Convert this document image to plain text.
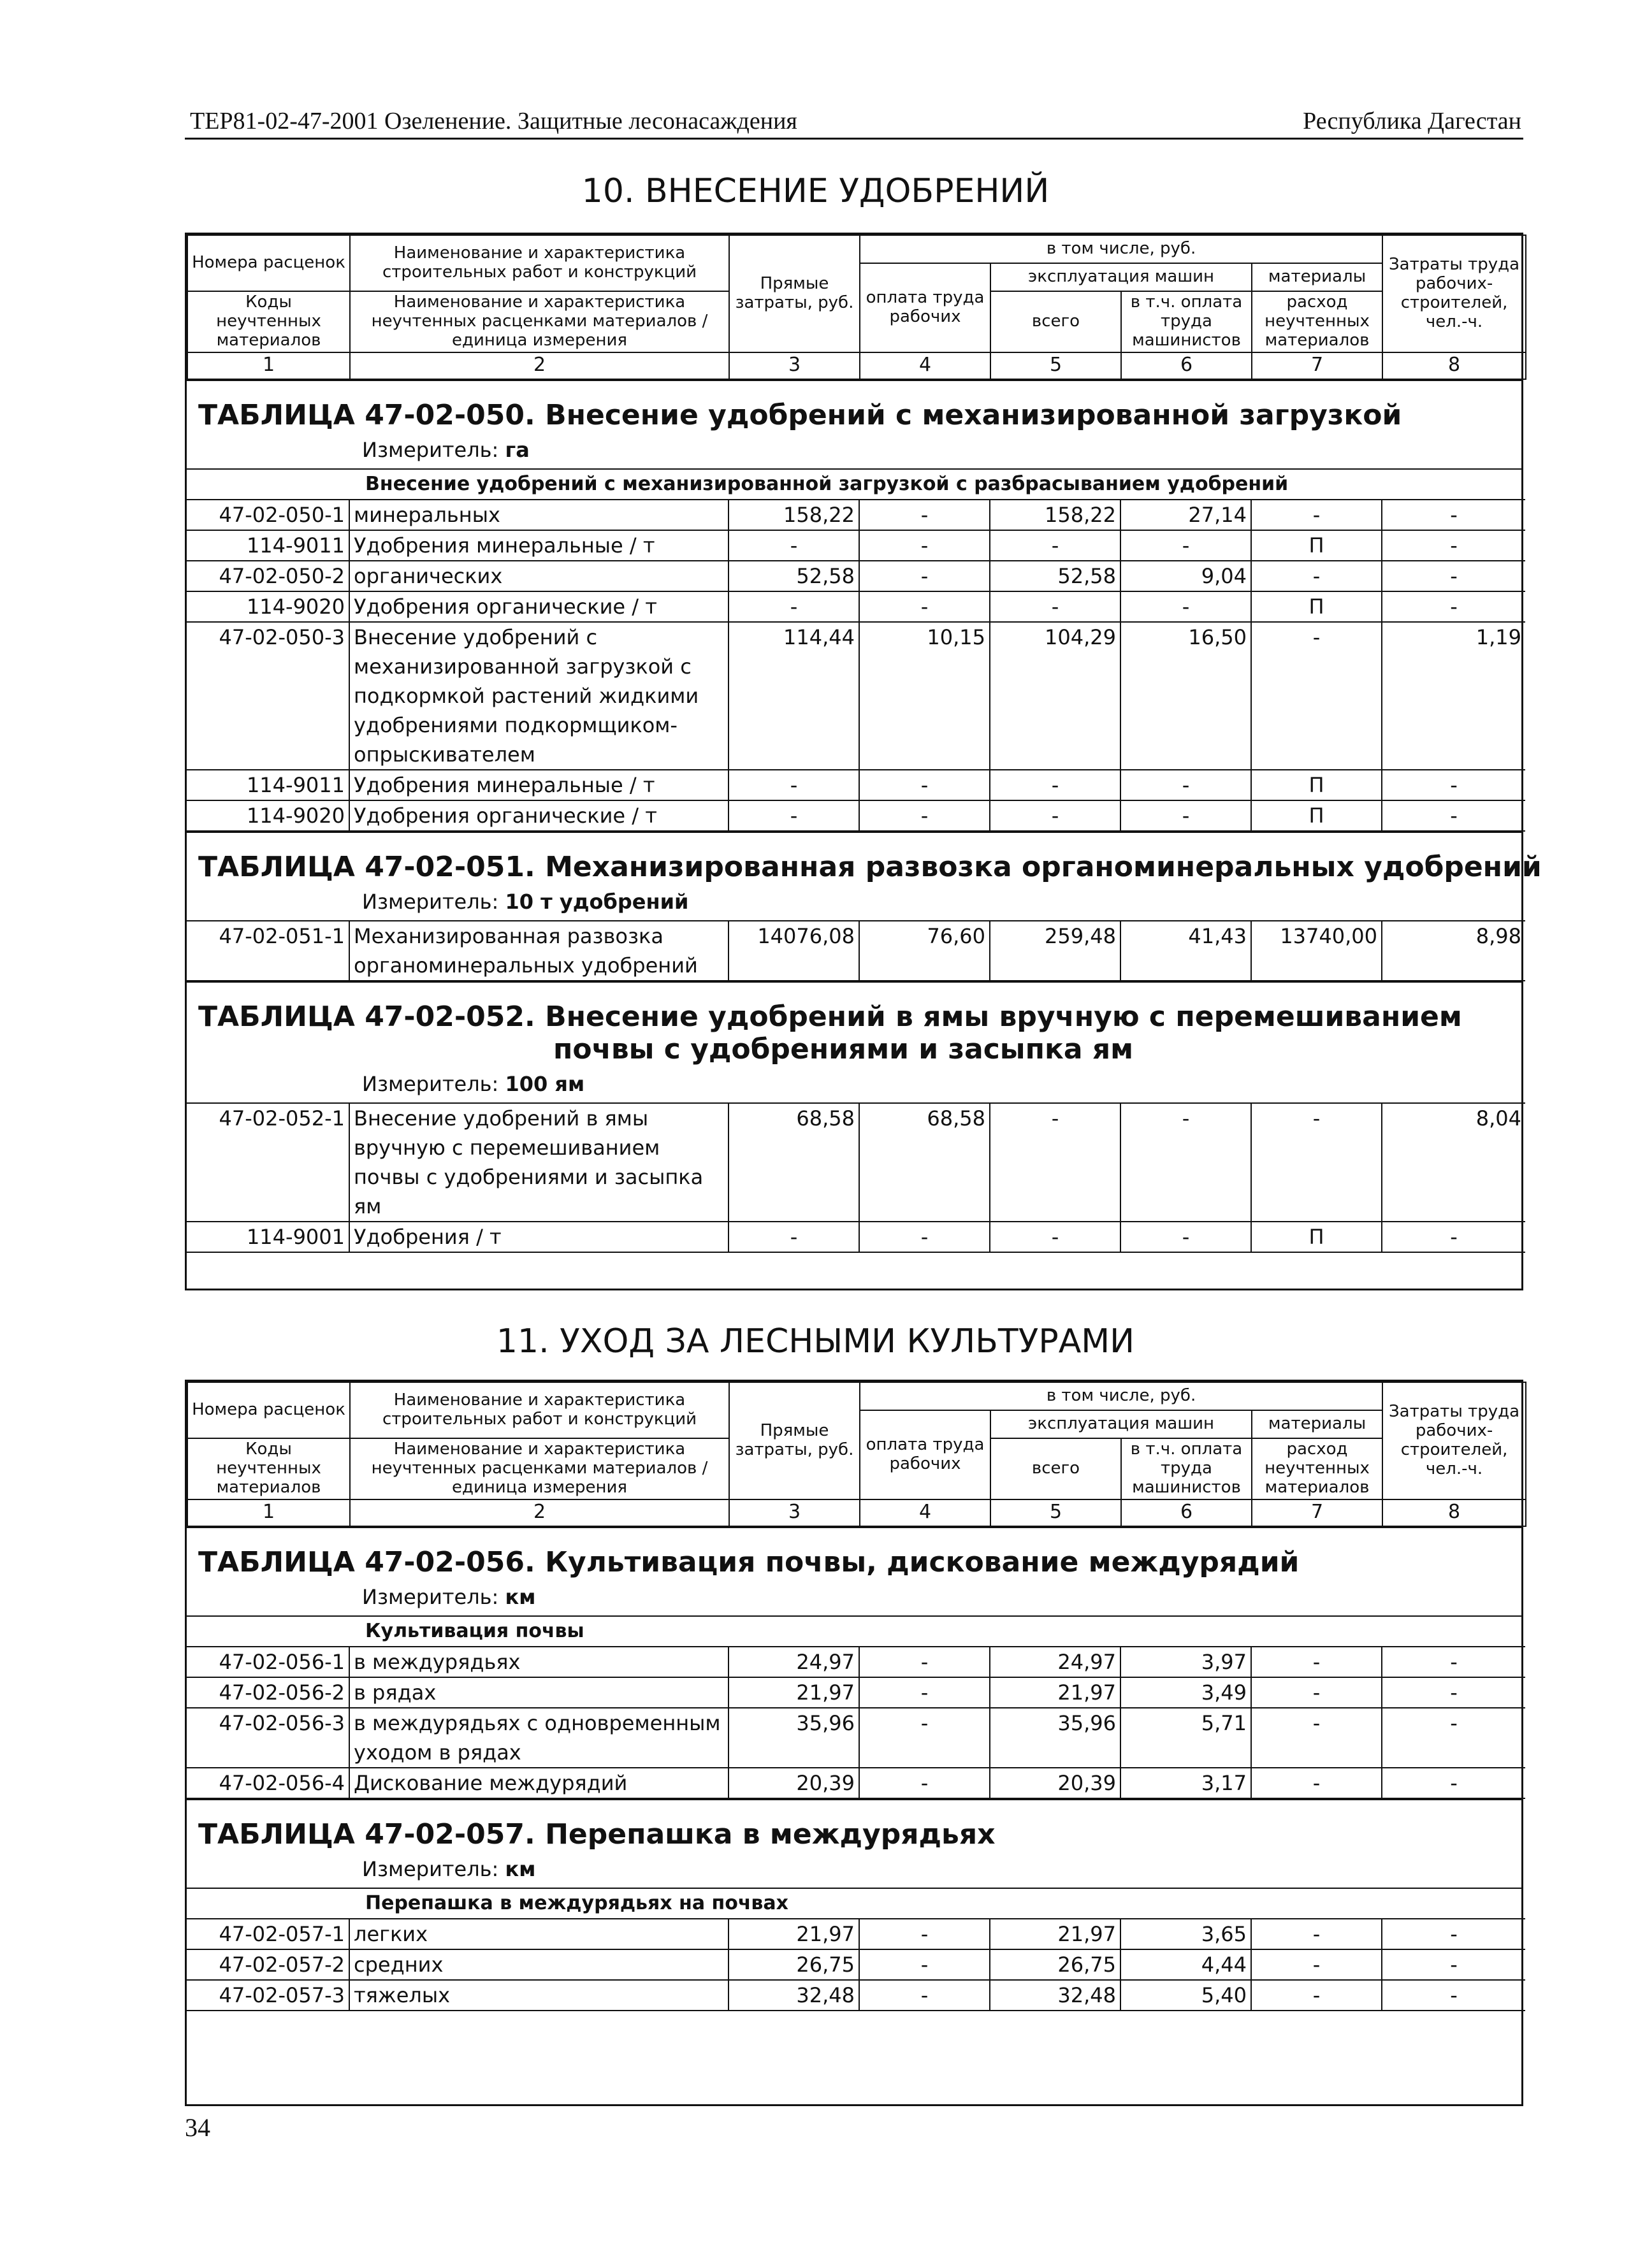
ТЕР81-02-47-2001 Озеленение. Защитные лесонасаждения	Республика Дагестан
10. ВНЕСЕНИЕ УДОБРЕНИЙ
Номера расценок	Наименование и характеристика строительных работ и конструкций	Прямые затраты, руб.	в том числе, руб.				Затраты труда рабочих-строителей, чел.-ч.
			оплата труда рабочих	эксплуатация машин		материалы	
Коды неучтенных материалов	Наименование и характеристика неучтенных расценками материалов / единица измерения			всего	в т.ч. оплата труда машинистов	расход неучтенных материалов	

1	2	3	4	5	6	7	8
ТАБЛИЦА 47-02-050. Внесение удобрений с механизированной загрузкой
Измеритель: га
Внесение удобрений с механизированной загрузкой с разбрасыванием удобрений
47-02-050-1	минеральных	158,22	-	158,22	27,14	-	-
114-9011	Удобрения минеральные / т	-	-	-	-	П	-
47-02-050-2	органических	52,58	-	52,58	9,04	-	-
114-9020	Удобрения органические / т	-	-	-	-	П	-
47-02-050-3	Внесение удобрений с механизированной загрузкой с подкормкой растений жидкими удобрениями подкормщиком-опрыскивателем	114,44	10,15	104,29	16,50	-	1,19
114-9011	Удобрения минеральные / т	-	-	-	-	П	-
114-9020	Удобрения органические / т	-	-	-	-	П	-
ТАБЛИЦА 47-02-051. Механизированная развозка органоминеральных удобрений
Измеритель: 10 т удобрений
47-02-051-1	Механизированная развозка органоминеральных удобрений	14076,08	76,60	259,48	41,43	13740,00	8,98
ТАБЛИЦА 47-02-052. Внесение удобрений в ямы вручную с перемешиванием
почвы с удобрениями и засыпка ям
Измеритель: 100 ям
47-02-052-1	Внесение удобрений в ямы вручную с перемешиванием почвы с удобрениями и засыпка ям	68,58	68,58	-	-	-	8,04
114-9001	Удобрения / т	-	-	-	-	П	-
11. УХОД ЗА ЛЕСНЫМИ КУЛЬТУРАМИ
Номера расценок	Наименование и характеристика строительных работ и конструкций	Прямые затраты, руб.	в том числе, руб.				Затраты труда рабочих-строителей, чел.-ч.
			оплата труда рабочих	эксплуатация машин		материалы	
Коды неучтенных материалов	Наименование и характеристика неучтенных расценками материалов / единица измерения			всего	в т.ч. оплата труда машинистов	расход неучтенных материалов	

1	2	3	4	5	6	7	8
ТАБЛИЦА 47-02-056. Культивация почвы, дискование междурядий
Измеритель: км
Культивация почвы
47-02-056-1	в междурядьях	24,97	-	24,97	3,97	-	-
47-02-056-2	в рядах	21,97	-	21,97	3,49	-	-
47-02-056-3	в междурядьях с одновременным уходом в рядах	35,96	-	35,96	5,71	-	-
47-02-056-4	Дискование междурядий	20,39	-	20,39	3,17	-	-
ТАБЛИЦА 47-02-057. Перепашка в междурядьях
Измеритель: км
Перепашка в междурядьях на почвах
47-02-057-1	легких	21,97	-	21,97	3,65	-	-
47-02-057-2	средних	26,75	-	26,75	4,44	-	-
47-02-057-3	тяжелых	32,48	-	32,48	5,40	-	-
34
